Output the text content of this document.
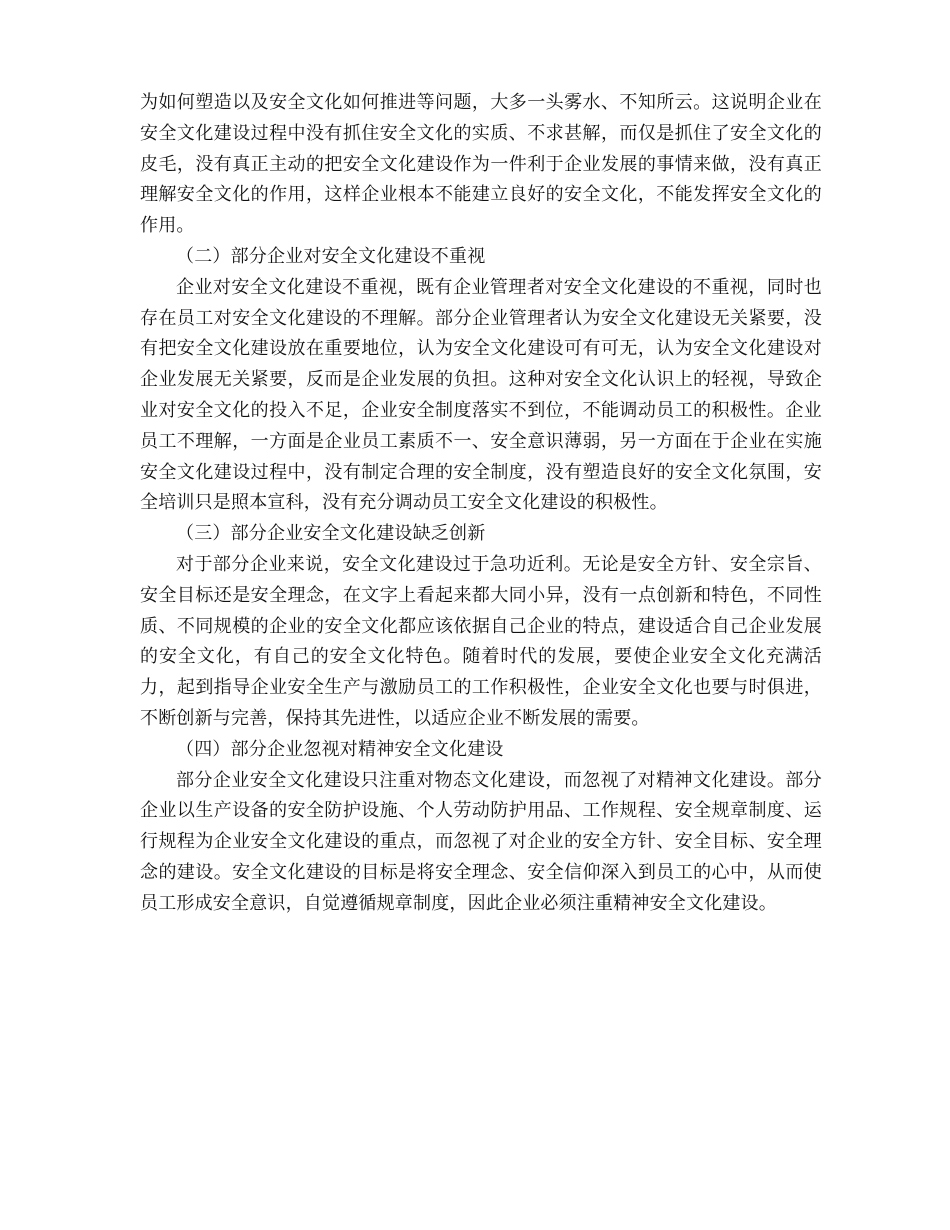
为如何塑造以及安全文化如何推进等问题，大多一头雾水、不知所云。这说明企业在安全文化建设过程中没有抓住安全文化的实质、不求甚解，而仅是抓住了安全文化的皮毛，没有真正主动的把安全文化建设作为一件利于企业发展的事情来做，没有真正理解安全文化的作用，这样企业根本不能建立良好的安全文化，不能发挥安全文化的作用。

（二）部分企业对安全文化建设不重视

企业对安全文化建设不重视，既有企业管理者对安全文化建设的不重视，同时也存在员工对安全文化建设的不理解。部分企业管理者认为安全文化建设无关紧要，没有把安全文化建设放在重要地位，认为安全文化建设可有可无，认为安全文化建设对企业发展无关紧要，反而是企业发展的负担。这种对安全文化认识上的轻视，导致企业对安全文化的投入不足，企业安全制度落实不到位，不能调动员工的积极性。企业员工不理解，一方面是企业员工素质不一、安全意识薄弱，另一方面在于企业在实施安全文化建设过程中，没有制定合理的安全制度，没有塑造良好的安全文化氛围，安全培训只是照本宣科，没有充分调动员工安全文化建设的积极性。

（三）部分企业安全文化建设缺乏创新

对于部分企业来说，安全文化建设过于急功近利。无论是安全方针、安全宗旨、安全目标还是安全理念，在文字上看起来都大同小异，没有一点创新和特色，不同性质、不同规模的企业的安全文化都应该依据自己企业的特点，建设适合自己企业发展的安全文化，有自己的安全文化特色。随着时代的发展，要使企业安全文化充满活力，起到指导企业安全生产与激励员工的工作积极性，企业安全文化也要与时俱进，不断创新与完善，保持其先进性，以适应企业不断发展的需要。

（四）部分企业忽视对精神安全文化建设

部分企业安全文化建设只注重对物态文化建设，而忽视了对精神文化建设。部分企业以生产设备的安全防护设施、个人劳动防护用品、工作规程、安全规章制度、运行规程为企业安全文化建设的重点，而忽视了对企业的安全方针、安全目标、安全理念的建设。安全文化建设的目标是将安全理念、安全信仰深入到员工的心中，从而使员工形成安全意识，自觉遵循规章制度，因此企业必须注重精神安全文化建设。
